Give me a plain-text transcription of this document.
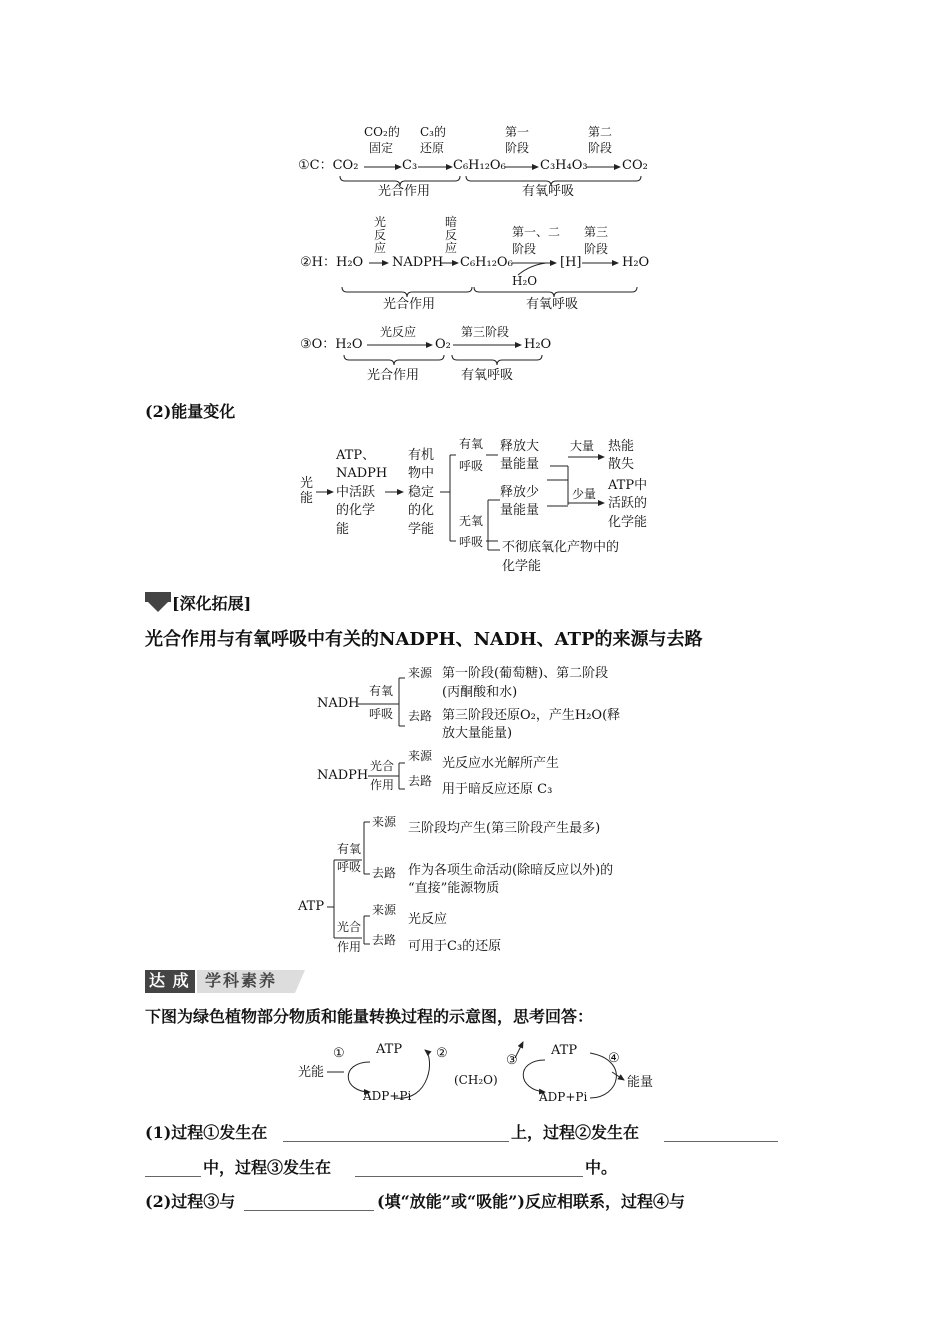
①C：CO₂
CO₂的
固定
C₃
C₃的
还原
C₆H₁₂O₆
第一
阶段
C₃H₄O₃
第二
阶段
CO₂
光合作用	有氧呼吸
②H：H₂O
光
反
应
NADPH
暗
反
应
C₆H₁₂O₆
第一、二
阶段
H₂O
[H]
第三
阶段
H₂O
光合作用	有氧呼吸
③O：H₂O
光反应
O₂
第三阶段
H₂O
光合作用	有氧呼吸
(2)能量变化
光
能
ATP、
NADPH
中活跃
的化学
能
有机
物中
稳定
的化
学能
有氧
呼吸
释放大
量能量
大量 热能
散失
无氧
呼吸
释放少
量能量
少量
ATP中
活跃的
化学能
不彻底氧化产物中的
化学能
[深化拓展]
光合作用与有氧呼吸中有关的NADPH、NADH、ATP的来源与去路
NADH
有氧
呼吸
来源 第一阶段(葡萄糖)、第二阶段
(丙酮酸和水)
去路 第三阶段还原O₂，产生H₂O(释
放大量能量)
NADPH
光合
作用
来源 光反应水光解所产生
去路
用于暗反应还原 C₃
ATP
有氧
呼吸
来源 三阶段均产生(第三阶段产生最多)
去路 作为各项生命活动(除暗反应以外)的
“直接”能源物质
光合
作用
来源
光反应
去路 可用于C₃的还原
达 成 学科素养
下图为绿色植物部分物质和能量转换过程的示意图，思考回答：
光能
① ATP
ADP+Pi
②
(CH₂O)
③
ATP
ADP+Pi
④
能量
(1)过程①发生在	上，过程②发生在
中，过程③发生在	中。
(2)过程③与	(填“放能”或“吸能”)反应相联系，过程④与
